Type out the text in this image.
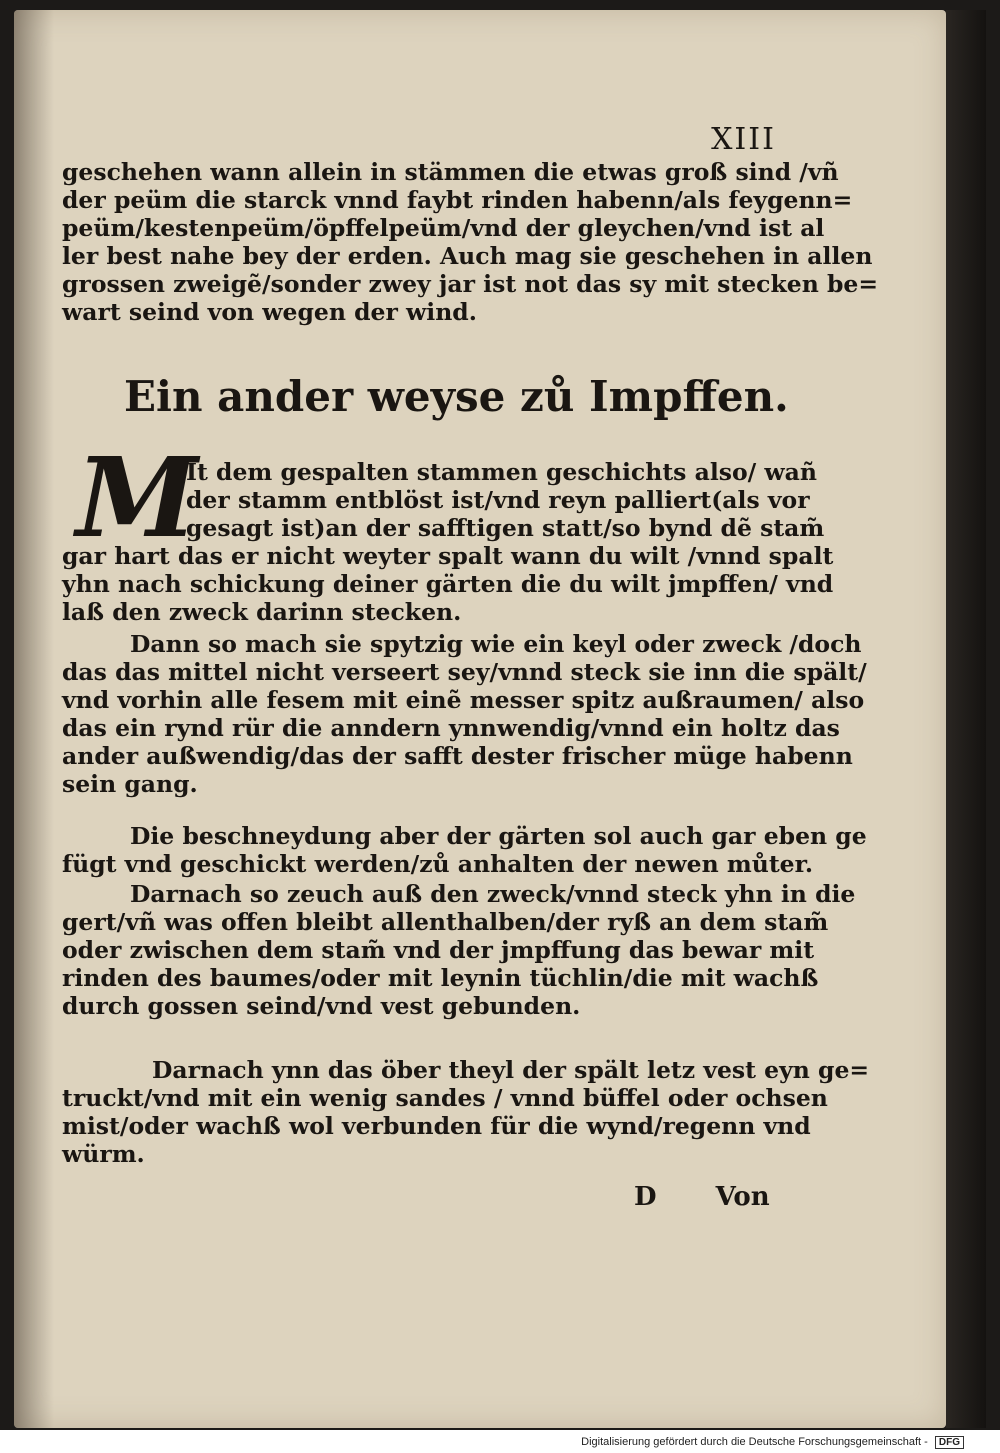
XIII
geschehen wann allein in stämmen die etwas groß sind /vñ
der peüm die starck vnnd faybt rinden habenn/als feygenn=
peüm/kestenpeüm/öpffelpeüm/vnd der gleychen/vnd ist al
ler best nahe bey der erden. Auch mag sie geschehen in allen
grossen zweigẽ/sonder zwey jar ist not das sy mit stecken be=
wart seind von wegen der wind.
Ein ander weyse zů Impffen.
M
It dem gespalten stammen geschichts also/ wañ
der stamm entblöst ist/vnd reyn palliert(als vor
gesagt ist)an der safftigen statt/so bynd dẽ stam̃
gar hart das er nicht weyter spalt wann du wilt /vnnd spalt
yhn nach schickung deiner gärten die du wilt jmpffen/ vnd
laß den zweck darinn stecken.
Dann so mach sie spytzig wie ein keyl oder zweck /doch
das das mittel nicht verseert sey/vnnd steck sie inn die spält/
vnd vorhin alle fesem mit einẽ messer spitz außraumen/ also
das ein rynd rür die anndern ynnwendig/vnnd ein holtz das
ander außwendig/das der safft dester frischer müge habenn
sein gang.
Die beschneydung aber der gärten sol auch gar eben ge
fügt vnd geschickt werden/zů anhalten der newen můter.
Darnach so zeuch auß den zweck/vnnd steck yhn in die
gert/vñ was offen bleibt allenthalben/der ryß an dem stam̃
oder zwischen dem stam̃ vnd der jmpffung das bewar mit
rinden des baumes/oder mit leynin tüchlin/die mit wachß
durch gossen seind/vnd vest gebunden.
Darnach ynn das öber theyl der spält letz vest eyn ge=
truckt/vnd mit ein wenig sandes / vnnd büffel oder ochsen
mist/oder wachß wol verbunden für die wynd/regenn vnd
würm.
D Von
Digitalisierung gefördert durch die Deutsche Forschungsgemeinschaft - DFG
